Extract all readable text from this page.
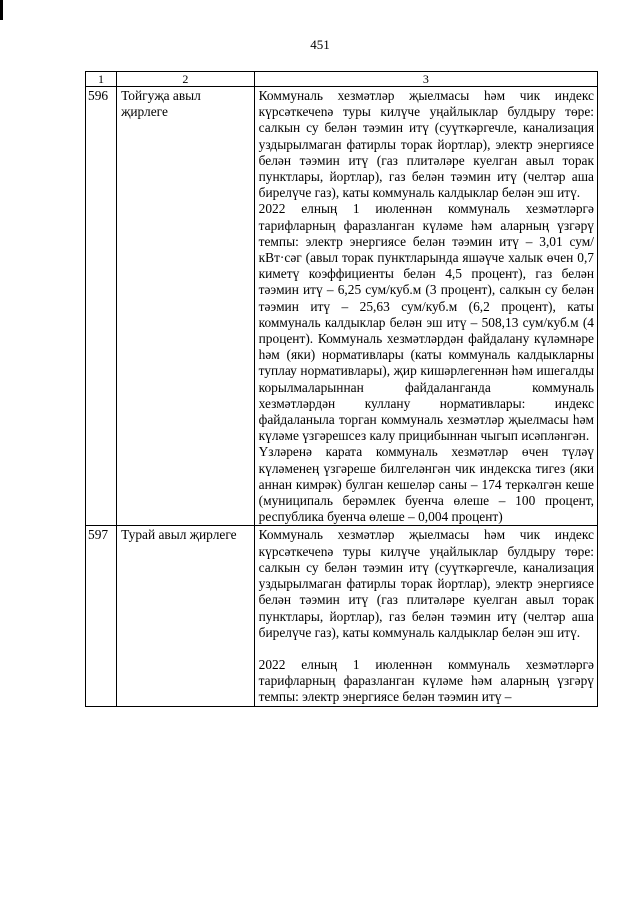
451
1	2	3
596	Тойгуҗа авыл җирлеге	Коммуналь хезмәтләр җыелмасы һәм чик индекс күрсәткечenә туры килүче уңайлыклар булдыру төре: салкын су белән тәэмин итү (суүткәргечле, канализация уздырылмаган фатирлы торак йортлар), электр энергиясе белән тәэмин итү (газ плитәләре куелган авыл торак пунктлары, йортлар), газ белән тәэмин итү (челтәр аша бирелүче газ), каты коммуналь калдыклар белән эш итү.

2022 елның 1 июленнән коммуналь хезмәтләргә тарифларның фаразланган күләме һәм аларның үзгәрү темпы: электр энергиясе белән тәэмин итү – 3,01 сум/кВт·сәг (авыл торак пунктларында яшәүче халык өчен 0,7 киметү коэффициенты белән 4,5 процент), газ белән тәэмин итү – 6,25 сум/куб.м (3 процент), салкын су белән тәэмин итү – 25,63 сум/куб.м (6,2 процент), каты коммуналь калдыклар белән эш итү – 508,13 сум/куб.м (4 процент). Коммуналь хезмәтләрдән файдалану күләмнәре һәм (яки) нормативлары (каты коммуналь калдыкларны туплау нормативлары), җир кишәрлегеннән һәм ишегалды корылмаларыннан файдаланганда коммуналь хезмәтләрдән куллану нормативлары: индекс файдаланыла торган коммуналь хезмәтләр җыелмасы һәм күләме үзгәрешсез калу прицибыннан чыгып исәпләнгән.

Үзләренә карата коммуналь хезмәтләр өчен түләү күләменең үзгәреше билгеләнгән чик индекска тигез (яки аннан кимрәк) булган кешеләр саны – 174 теркәлгән кеше (муниципаль берәмлек буенча өлеше – 100 процент, республика буенча өлеше – 0,004 процент)

597	Турай авыл җирлеге	Коммуналь хезмәтләр җыелмасы һәм чик индекс күрсәткечenә туры килүче уңайлыклар булдыру төре: салкын су белән тәэмин итү (суүткәргечле, канализация уздырылмаган фатирлы торак йортлар), электр энергиясе белән тәэмин итү (газ плитәләре куелган авыл торак пунктлары, йортлар), газ белән тәэмин итү (челтәр аша бирелүче газ), каты коммуналь калдыклар белән эш итү.

2022 елның 1 июленнән коммуналь хезмәтләргә тарифларның фаразланган күләме һәм аларның үзгәрү темпы: электр энергиясе белән тәэмин итү –
